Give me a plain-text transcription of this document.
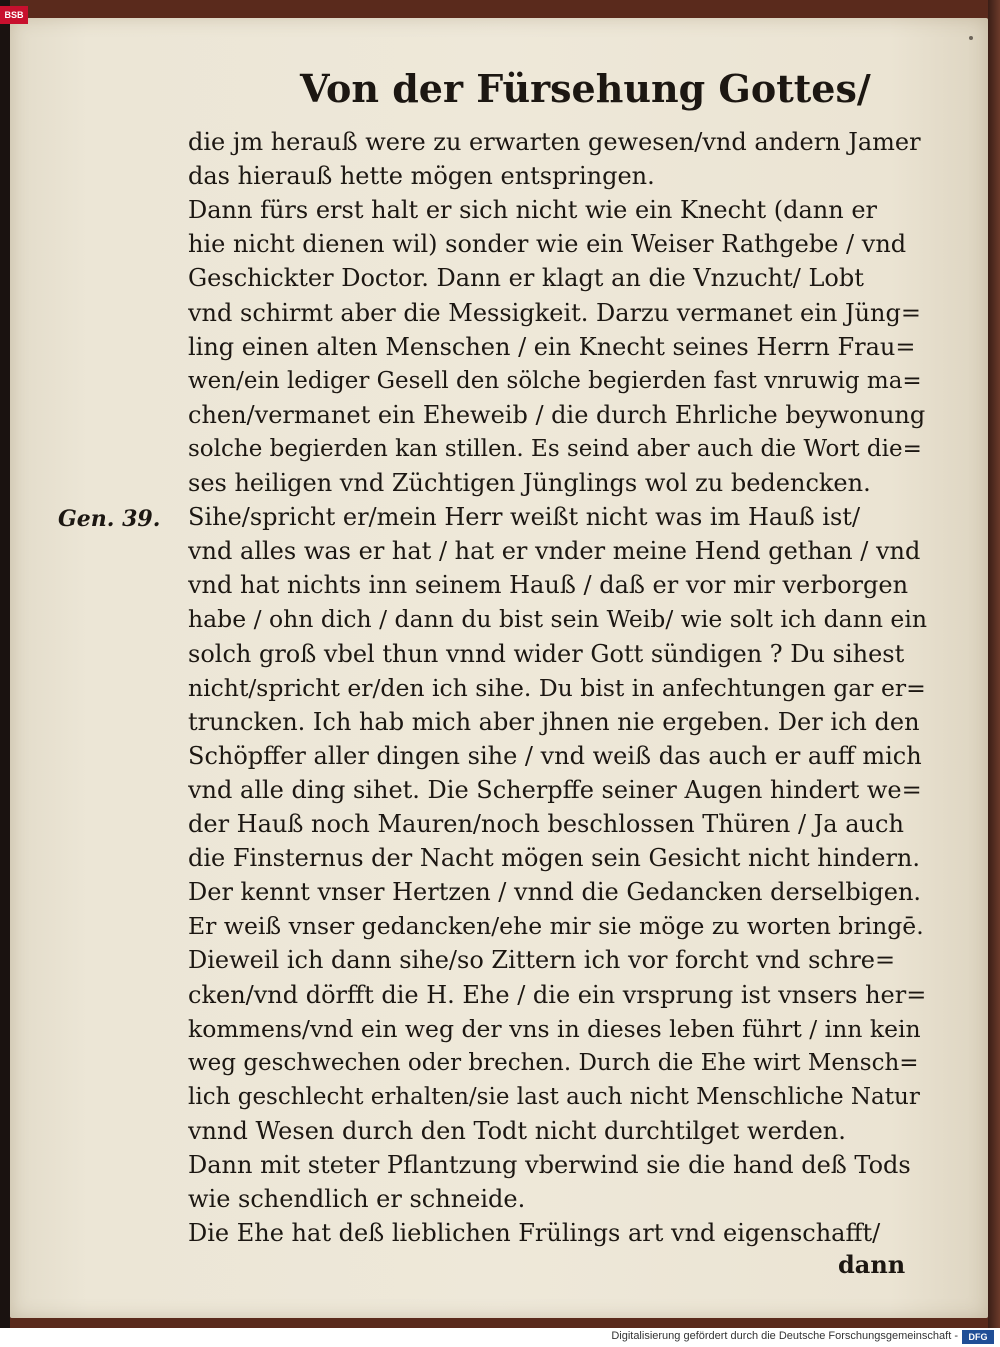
BSB
Von der Fürsehung Gottes/
Gen. 39.
die jm herauß were zu erwarten gewesen/vnd andern Jamer
das hierauß hette mögen entspringen.
Dann fürs erst halt er sich nicht wie ein Knecht (dann er
hie nicht dienen wil) sonder wie ein Weiser Rathgebe / vnd
Geschickter Doctor. Dann er klagt an die Vnzucht/ Lobt
vnd schirmt aber die Messigkeit. Darzu vermanet ein Jüng=
ling einen alten Menschen / ein Knecht seines Herrn Frau=
wen/ein lediger Gesell den sölche begierden fast vnruwig ma=
chen/vermanet ein Eheweib / die durch Ehrliche beywonung
solche begierden kan stillen. Es seind aber auch die Wort die=
ses heiligen vnd Züchtigen Jünglings wol zu bedencken.
Sihe/spricht er/mein Herr weißt nicht was im Hauß ist/
vnd alles was er hat / hat er vnder meine Hend gethan / vnd
vnd hat nichts inn seinem Hauß / daß er vor mir verborgen
habe / ohn dich / dann du bist sein Weib/ wie solt ich dann ein
solch groß vbel thun vnnd wider Gott sündigen ? Du sihest
nicht/spricht er/den ich sihe. Du bist in anfechtungen gar er=
truncken. Ich hab mich aber jhnen nie ergeben. Der ich den
Schöpffer aller dingen sihe / vnd weiß das auch er auff mich
vnd alle ding sihet. Die Scherpffe seiner Augen hindert we=
der Hauß noch Mauren/noch beschlossen Thüren / Ja auch
die Finsternus der Nacht mögen sein Gesicht nicht hindern.
Der kennt vnser Hertzen / vnnd die Gedancken derselbigen.
Er weiß vnser gedancken/ehe mir sie möge zu worten bringē.
Dieweil ich dann sihe/so Zittern ich vor forcht vnd schre=
cken/vnd dörfft die H. Ehe / die ein vrsprung ist vnsers her=
kommens/vnd ein weg der vns in dieses leben führt / inn kein
weg geschwechen oder brechen. Durch die Ehe wirt Mensch=
lich geschlecht erhalten/sie last auch nicht Menschliche Natur
vnnd Wesen durch den Todt nicht durchtilget werden.
Dann mit steter Pflantzung vberwind sie die hand deß Tods
wie schendlich er schneide.
Die Ehe hat deß lieblichen Frülings art vnd eigenschafft/
dann
Digitalisierung gefördert durch die Deutsche Forschungsgemeinschaft -	DFG
